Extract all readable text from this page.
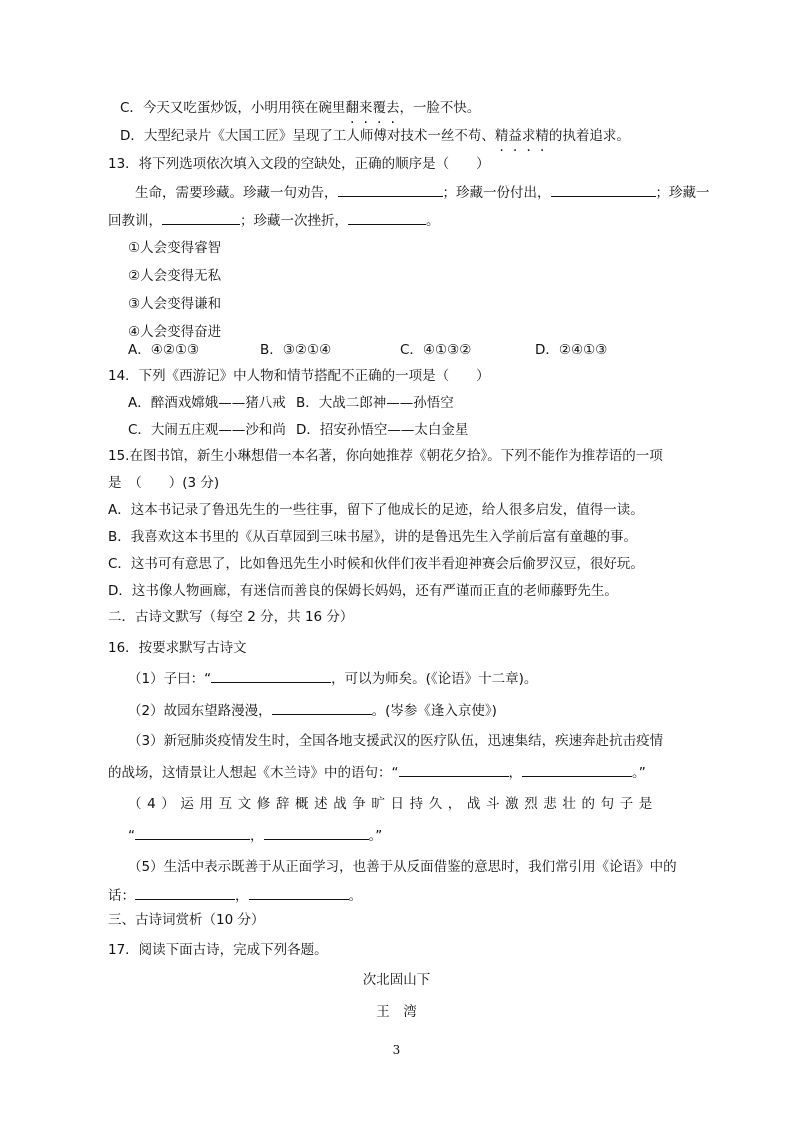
C．今天又吃蛋炒饭，小明用筷在碗里翻来覆去，一脸不快。
D．大型纪录片《大国工匠》呈现了工人师傅对技术一丝不苟、精益求精的执着追求。
13．将下列选项依次填入文段的空缺处，正确的顺序是（　　）
生命，需要珍藏。珍藏一句劝告，	；珍藏一份付出，	；珍藏一
回教训，	；珍藏一次挫折，	。
①人会变得睿智
②人会变得无私
③人会变得谦和
④人会变得奋进
A．④②①③	B．③②①④	C．④①③②	D．②④①③
14．下列《西游记》中人物和情节搭配不正确的一项是（　　）
A．醉酒戏嫦娥——猪八戒 B．大战二郎神——孙悟空
C．大闹五庄观——沙和尚 D．招安孙悟空——太白金星
15.在图书馆，新生小琳想借一本名著，你向她推荐《朝花夕拾》。下列不能作为推荐语的一项
是　（　　）(3 分)
A．这本书记录了鲁迅先生的一些往事，留下了他成长的足迹，给人很多启发，值得一读。
B．我喜欢这本书里的《从百草园到三味书屋》，讲的是鲁迅先生入学前后富有童趣的事。
C．这书可有意思了，比如鲁迅先生小时候和伙伴们夜半看迎神赛会后偷罗汉豆，很好玩。
D．这书像人物画廊，有迷信而善良的保姆长妈妈，还有严谨而正直的老师藤野先生。
二．古诗文默写（每空 2 分，共 16 分）
16．按要求默写古诗文
（1）子曰：“	，可以为师矣。(《论语》十二章)。
（2）故园东望路漫漫，	。(岑参《逢入京使》)
（3）新冠肺炎疫情发生时，全国各地支援武汉的医疗队伍，迅速集结，疾速奔赴抗击疫情
的战场，这情景让人想起《木兰诗》中的语句：“	，	。”
（4）运用互文修辞概述战争旷日持久，战斗激烈悲壮的句子是
“	，	。”
（5）生活中表示既善于从正面学习，也善于从反面借鉴的意思时，我们常引用《论语》中的
话：	，	。
三、古诗词赏析（10 分）
17．阅读下面古诗，完成下列各题。
次北固山下
王　湾
3
